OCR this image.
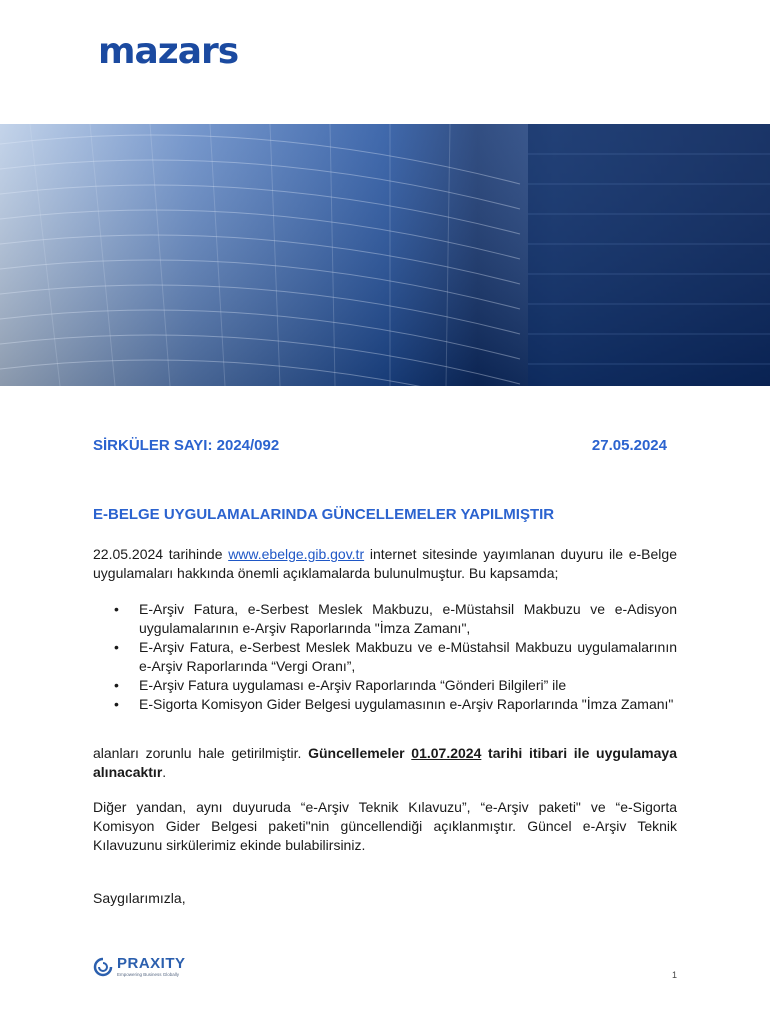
mazars
SİRKÜLER SAYI: 2024/092	27.05.2024
E-BELGE UYGULAMALARINDA GÜNCELLEMELER YAPILMIŞTIR

22.05.2024 tarihinde www.ebelge.gib.gov.tr internet sitesinde yayımlanan duyuru ile e-Belge uygulamaları hakkında önemli açıklamalarda bulunulmuştur. Bu kapsamda;

• E-Arşiv Fatura, e-Serbest Meslek Makbuzu, e-Müstahsil Makbuzu ve e-Adisyon uygulamalarının e-Arşiv Raporlarında "İmza Zamanı",
• E-Arşiv Fatura, e-Serbest Meslek Makbuzu ve e-Müstahsil Makbuzu uygulamalarının e-Arşiv Raporlarında “Vergi Oranı”,
• E-Arşiv Fatura uygulaması e-Arşiv Raporlarında “Gönderi Bilgileri” ile
• E-Sigorta Komisyon Gider Belgesi uygulamasının e-Arşiv Raporlarında "İmza Zamanı"

alanları zorunlu hale getirilmiştir. Güncellemeler 01.07.2024 tarihi itibari ile uygulamaya alınacaktır.

Diğer yandan, aynı duyuruda “e-Arşiv Teknik Kılavuzu”, “e-Arşiv paketi" ve “e-Sigorta Komisyon Gider Belgesi paketi"nin güncellendiği açıklanmıştır. Güncel e-Arşiv Teknik Kılavuzunu sirkülerimiz ekinde bulabilirsiniz.

Saygılarımızla,
PRAXITY
Empowering Business Globally	1
